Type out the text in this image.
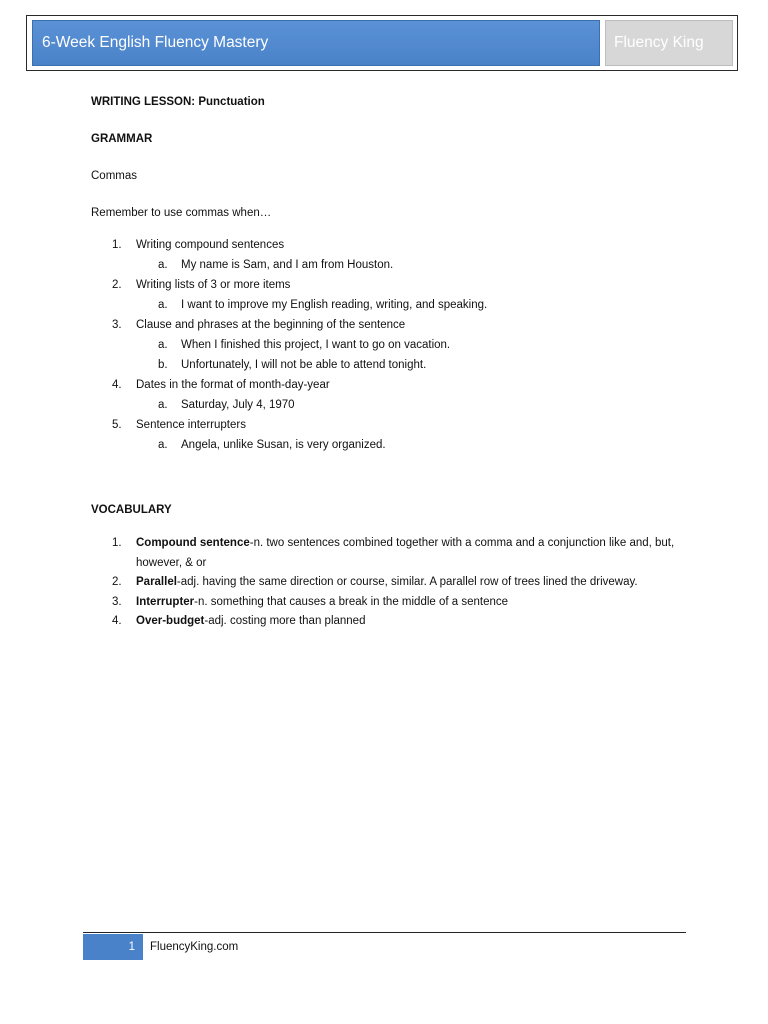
6-Week English Fluency Mastery	Fluency King

WRITING LESSON: Punctuation

GRAMMAR

Commas

Remember to use commas when…

1. Writing compound sentences
a. My name is Sam, and I am from Houston.
2. Writing lists of 3 or more items
a. I want to improve my English reading, writing, and speaking.
3. Clause and phrases at the beginning of the sentence
a. When I finished this project, I want to go on vacation.
b. Unfortunately, I will not be able to attend tonight.
4. Dates in the format of month-day-year
a. Saturday, July 4, 1970
5. Sentence interrupters
a. Angela, unlike Susan, is very organized.

VOCABULARY

1. Compound sentence-n. two sentences combined together with a comma and a conjunction like and, but, however, & or
2. Parallel-adj. having the same direction or course, similar. A parallel row of trees lined the driveway.
3. Interrupter-n. something that causes a break in the middle of a sentence
4. Over-budget-adj. costing more than planned
1	FluencyKing.com
